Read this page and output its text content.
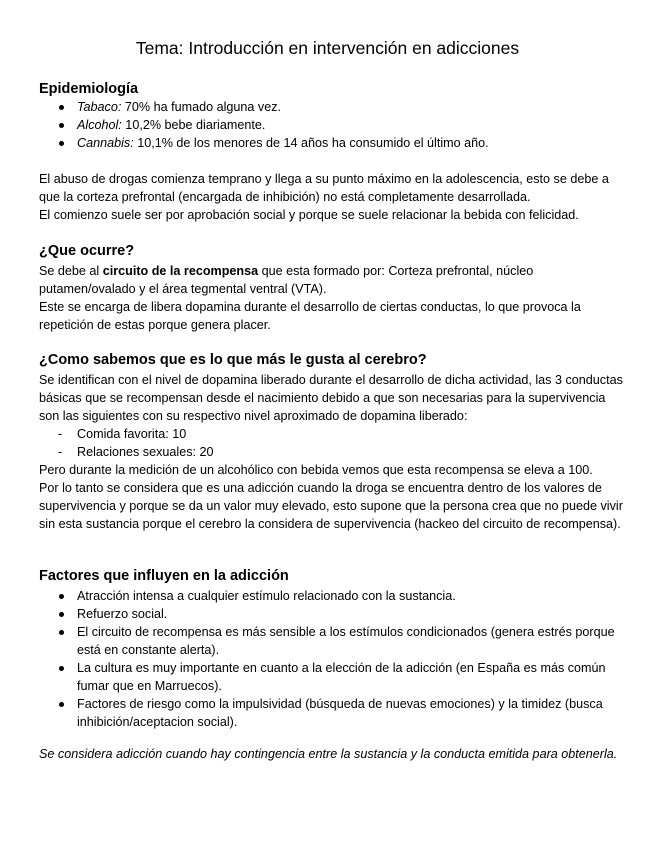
Tema: Introducción en intervención en adicciones
Epidemiología
Tabaco: 70% ha fumado alguna vez.
Alcohol: 10,2% bebe diariamente.
Cannabis: 10,1% de los menores de 14 años ha consumido el último año.
El abuso de drogas comienza temprano y llega a su punto máximo en la adolescencia, esto se debe a que la corteza prefrontal (encargada de inhibición) no está completamente desarrollada.
El comienzo suele ser por aprobación social y porque se suele relacionar la bebida con felicidad.
¿Que ocurre?
Se debe al circuito de la recompensa que esta formado por: Corteza prefrontal, núcleo putamen/ovalado y el área tegmental ventral (VTA).
Este se encarga de libera dopamina durante el desarrollo de ciertas conductas, lo que provoca la repetición de estas porque genera placer.
¿Como sabemos que es lo que más le gusta al cerebro?
Se identifican con el nivel de dopamina liberado durante el desarrollo de dicha actividad, las 3 conductas básicas que se recompensan desde el nacimiento debido a que son necesarias para la supervivencia son las siguientes con su respectivo nivel aproximado de dopamina liberado:
- Comida favorita: 10
- Relaciones sexuales: 20
Pero durante la medición de un alcohólico con bebida vemos que esta recompensa se eleva a 100.
Por lo tanto se considera que es una adicción cuando la droga se encuentra dentro de los valores de supervivencia y porque se da un valor muy elevado, esto supone que la persona crea que no puede vivir sin esta sustancia porque el cerebro la considera de supervivencia (hackeo del circuito de recompensa).
Factores que influyen en la adicción
Atracción intensa a cualquier estímulo relacionado con la sustancia.
Refuerzo social.
El circuito de recompensa es más sensible a los estímulos condicionados (genera estrés porque está en constante alerta).
La cultura es muy importante en cuanto a la elección de la adicción (en España es más común fumar que en Marruecos).
Factores de riesgo como la impulsividad (búsqueda de nuevas emociones) y la timidez (busca inhibición/aceptacion social).
Se considera adicción cuando hay contingencia entre la sustancia y la conducta emitida para obtenerla.
